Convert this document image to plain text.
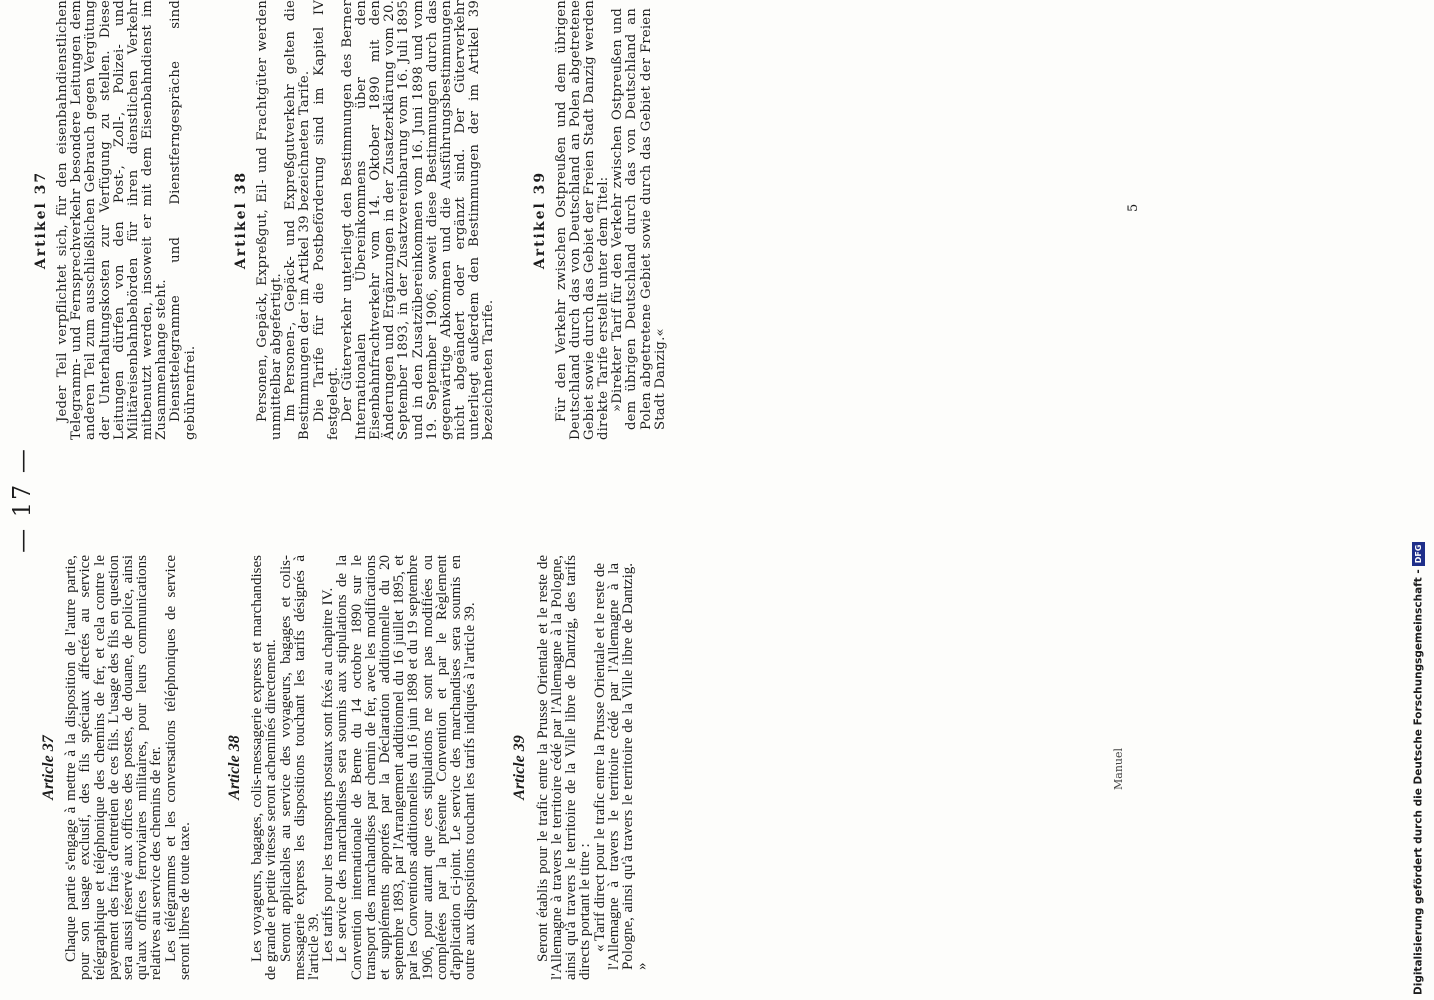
— 17 —
Article 37 Chaque partie s'engage à mettre à la disposition de l'autre partie, pour son usage exclusif, des fils spéciaux affectés au service télégraphique et téléphonique des chemins de fer, et cela contre le payement des frais d'entretien de ces fils. L'usage des fils en question sera aussi réservé aux offices des postes, de douane, de police, ainsi qu'aux offices ferroviaires militaires, pour leurs communications relatives au service des chemins de fer.

Les télégrammes et les conversations téléphoniques de service seront libres de toute taxe.

Article 38 Les voyageurs, bagages, colis-messagerie express et marchandises de grande et petite vitesse seront acheminés directement.

Seront applicables au service des voyageurs, bagages et colis-messagerie express les dispositions touchant les tarifs désignés à l'article 39.

Les tarifs pour les transports postaux sont fixés au chapitre IV.

Le service des marchandises sera soumis aux stipulations de la Convention internationale de Berne du 14 octobre 1890 sur le transport des marchandises par chemin de fer, avec les modifications et suppléments apportés par la Déclaration additionnelle du 20 septembre 1893, par l'Arrangement additionnel du 16 juillet 1895, et par les Conventions additionnelles du 16 juin 1898 et du 19 septembre 1906, pour autant que ces stipulations ne sont pas modifiées ou complétées par la présente Convention et par le Règlement d'application ci-joint. Le service des marchandises sera soumis en outre aux dispositions touchant les tarifs indiqués à l'article 39. Article 39 Seront établis pour le trafic entre la Prusse Orientale et le reste de l'Allemagne à travers le territoire cédé par l'Allemagne à la Pologne, ainsi qu'à travers le territoire de la Ville libre de Dantzig, des tarifs directs portant le titre :

« Tarif direct pour le trafic entre la Prusse Orientale et le reste de l'Allemagne à travers le territoire cédé par l'Allemagne à la Pologne, ainsi qu'à travers le territoire de la Ville libre de Dantzig. »

Artikel 37 Jeder Teil verpflichtet sich, für den eisenbahndienstlichen Telegramm- und Fernsprechverkehr besondere Leitungen dem anderen Teil zum ausschließlichen Gebrauch gegen Vergütung der Unterhaltungskosten zur Verfügung zu stellen. Diese Leitungen dürfen von den Post-, Zoll-, Polizei- und Militäreisenbahnbehörden für ihren dienstlichen Verkehr mitbenutzt werden, insoweit er mit dem Eisenbahndienst im Zusammenhange steht. Diensttelegramme und Dienstferngespräche sind gebührenfrei.

Artikel 38 Personen, Gepäck, Expreßgut, Eil- und Frachtgüter werden unmittelbar abgefertigt. Im Personen-, Gepäck- und Expreßgutverkehr gelten die Bestimmungen der im Artikel 39 bezeichneten Tarife. Die Tarife für die Postbeförderung sind im Kapitel IV festgelegt. Der Güterverkehr unterliegt den Bestimmungen des Berner Internationalen Übereinkommens über den Eisenbahnfrachtverkehr vom 14. Oktober 1890 mit den Änderungen und Ergänzungen in der Zusatzerklärung vom 20. September 1893, in der Zusatzvereinbarung vom 16. Juli 1895 und in den Zusatzübereinkommen vom 16. Juni 1898 und vom 19. September 1906, soweit diese Bestimmungen durch das gegenwärtige Abkommen und die Ausführungsbestimmungen nicht abgeändert oder ergänzt sind. Der Güterverkehr unterliegt außerdem den Bestimmungen der im Artikel 39 bezeichneten Tarife.

Artikel 39 Für den Verkehr zwischen Ostpreußen und dem übrigen Deutschland durch das von Deutschland an Polen abgetretene Gebiet sowie durch das Gebiet der Freien Stadt Danzig werden direkte Tarife erstellt unter dem Titel: »Direkter Tarif für den Verkehr zwischen Ostpreußen und dem übrigen Deutschland durch das von Deutschland an Polen abgetretene Gebiet sowie durch das Gebiet der Freien Stadt Danzig.«

Manuel
5
Digitalisierung gefördert durch die Deutsche Forschungsgemeinschaft -DFG
